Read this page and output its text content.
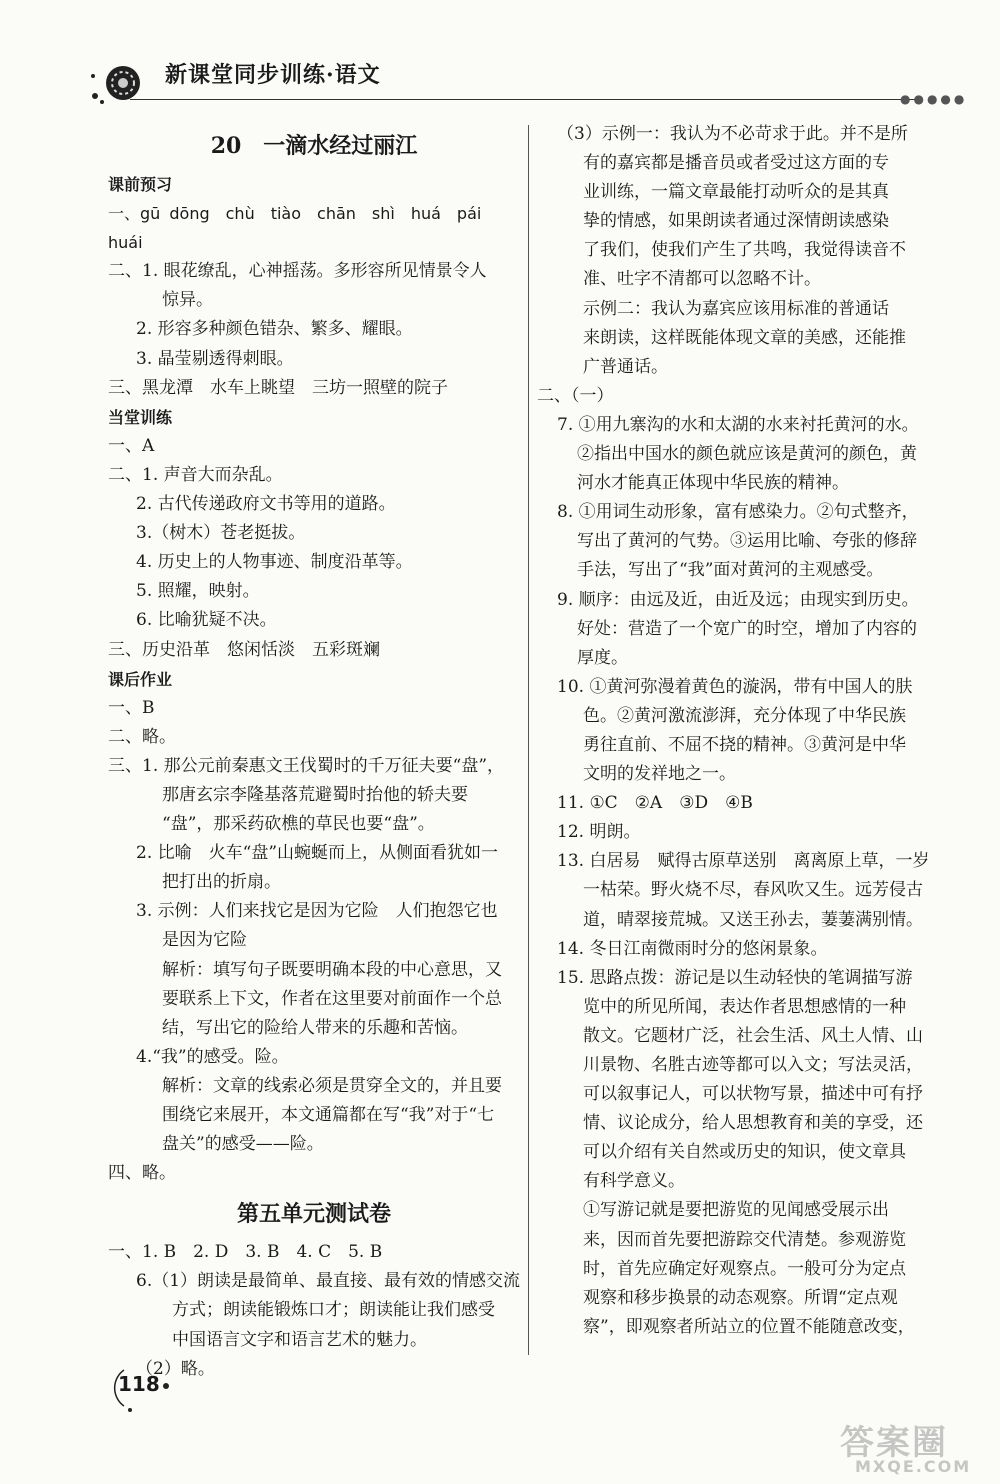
新课堂同步训练·语文
●●●●●
20　一滴水经过丽江
课前预习
一、gū dōng　chù　tiào　chān　shì　huá　pái huái
二、1. 眼花缭乱，心神摇荡。多形容所见情景令人
惊异。
2. 形容多种颜色错杂、繁多、耀眼。
3. 晶莹剔透得刺眼。
三、黑龙潭　水车上眺望　三坊一照壁的院子
当堂训练
一、A
二、1. 声音大而杂乱。
2. 古代传递政府文书等用的道路。
3.（树木）苍老挺拔。
4. 历史上的人物事迹、制度沿革等。
5. 照耀，映射。
6. 比喻犹疑不决。
三、历史沿革　悠闲恬淡　五彩斑斓
课后作业
一、B
二、略。
三、1. 那公元前秦惠文王伐蜀时的千万征夫要“盘”，
那唐玄宗李隆基落荒避蜀时抬他的轿夫要
“盘”，那采药砍樵的草民也要“盘”。
2. 比喻　火车“盘”山蜿蜒而上，从侧面看犹如一
把打出的折扇。
3. 示例：人们来找它是因为它险　人们抱怨它也
是因为它险
解析：填写句子既要明确本段的中心意思，又
要联系上下文，作者在这里要对前面作一个总
结，写出它的险给人带来的乐趣和苦恼。
4.“我”的感受。险。
解析：文章的线索必须是贯穿全文的，并且要
围绕它来展开，本文通篇都在写“我”对于“七
盘关”的感受——险。
四、略。
第五单元测试卷
一、1. B　2. D　3. B　4. C　5. B
6.（1）朗读是最简单、最直接、最有效的情感交流
方式；朗读能锻炼口才；朗读能让我们感受
中国语言文字和语言艺术的魅力。
（2）略。
（3）示例一：我认为不必苛求于此。并不是所
有的嘉宾都是播音员或者受过这方面的专
业训练，一篇文章最能打动听众的是其真
挚的情感，如果朗读者通过深情朗读感染
了我们，使我们产生了共鸣，我觉得读音不
准、吐字不清都可以忽略不计。
示例二：我认为嘉宾应该用标准的普通话
来朗读，这样既能体现文章的美感，还能推
广普通话。
二、（一）
7. ①用九寨沟的水和太湖的水来衬托黄河的水。
②指出中国水的颜色就应该是黄河的颜色，黄
河水才能真正体现中华民族的精神。
8. ①用词生动形象，富有感染力。②句式整齐，
写出了黄河的气势。③运用比喻、夸张的修辞
手法，写出了“我”面对黄河的主观感受。
9. 顺序：由远及近，由近及远；由现实到历史。
好处：营造了一个宽广的时空，增加了内容的
厚度。
10. ①黄河弥漫着黄色的漩涡，带有中国人的肤
色。②黄河激流澎湃，充分体现了中华民族
勇往直前、不屈不挠的精神。③黄河是中华
文明的发祥地之一。
11. ①C　②A　③D　④B
12. 明朗。
13. 白居易　赋得古原草送别　离离原上草，一岁
一枯荣。野火烧不尽，春风吹又生。远芳侵古
道，晴翠接荒城。又送王孙去，萋萋满别情。
14. 冬日江南微雨时分的悠闲景象。
15. 思路点拨：游记是以生动轻快的笔调描写游
览中的所见所闻，表达作者思想感情的一种
散文。它题材广泛，社会生活、风土人情、山
川景物、名胜古迹等都可以入文；写法灵活，
可以叙事记人，可以状物写景，描述中可有抒
情、议论成分，给人思想教育和美的享受，还
可以介绍有关自然或历史的知识，使文章具
有科学意义。
①写游记就是要把游览的见闻感受展示出
来，因而首先要把游踪交代清楚。参观游览
时，首先应确定好观察点。一般可分为定点
观察和移步换景的动态观察。所谓“定点观
察”，即观察者所站立的位置不能随意改变，
118
答案圈
MXQE.COM
